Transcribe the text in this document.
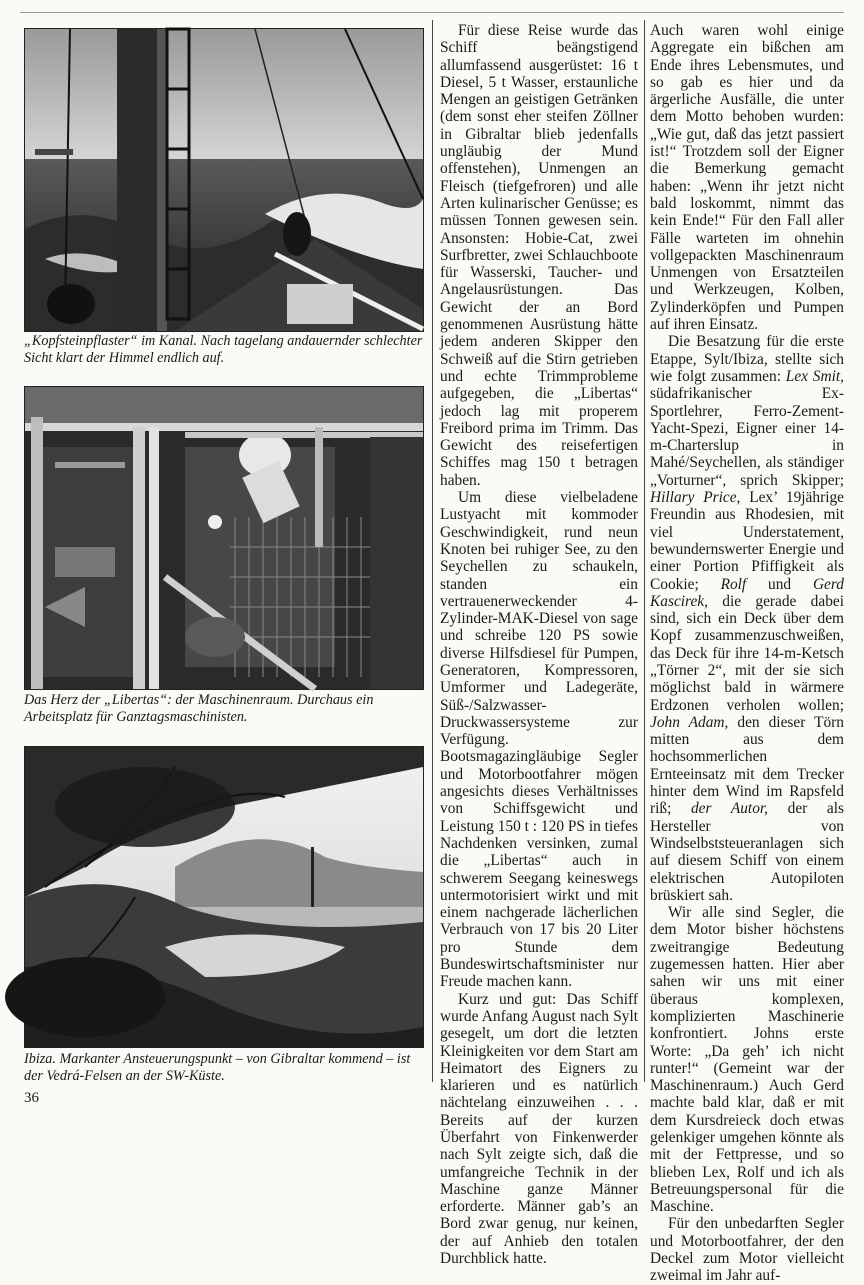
„Kopfsteinpflaster“ im Kanal. Nach tagelang andauernder schlechter Sicht klart der Himmel endlich auf.
Das Herz der „Libertas“: der Maschinenraum. Durchaus ein Arbeitsplatz für Ganztagsmaschinisten.
Ibiza. Markanter Ansteuerungspunkt – von Gibraltar kommend – ist der Vedrá-Felsen an der SW-Küste.
36

Für diese Reise wurde das Schiff beängstigend allumfassend ausgerüstet: 16 t Diesel, 5 t Wasser, erstaunliche Mengen an geistigen Getränken (dem sonst eher steifen Zöllner in Gibraltar blieb jedenfalls ungläubig der Mund offenstehen), Unmengen an Fleisch (tiefgefroren) und alle Arten kulinarischer Genüsse; es müssen Tonnen gewesen sein. Ansonsten: Hobie-Cat, zwei Surfbretter, zwei Schlauchboote für Wasserski, Taucher- und Angelausrüstungen. Das Gewicht der an Bord genommenen Ausrüstung hätte jedem anderen Skipper den Schweiß auf die Stirn getrieben und echte Trimmprobleme aufgegeben, die „Libertas“ jedoch lag mit properem Freibord prima im Trimm. Das Gewicht des reisefertigen Schiffes mag 150 t betragen haben.

Um diese vielbeladene Lustyacht mit kommoder Geschwindigkeit, rund neun Knoten bei ruhiger See, zu den Seychellen zu schaukeln, standen ein vertrauenerweckender 4-Zylinder-MAK-Diesel von sage und schreibe 120 PS sowie diverse Hilfsdiesel für Pumpen, Generatoren, Kompressoren, Umformer und Ladegeräte, Süß-/Salzwasser-Druckwassersysteme zur Verfügung. Bootsmagazingläubige Segler und Motorbootfahrer mögen angesichts dieses Verhältnisses von Schiffsgewicht und Leistung 150 t : 120 PS in tiefes Nachdenken versinken, zumal die „Libertas“ auch in schwerem Seegang keineswegs untermotorisiert wirkt und mit einem nachgerade lächerlichen Verbrauch von 17 bis 20 Liter pro Stunde dem Bundeswirtschaftsminister nur Freude machen kann.

Kurz und gut: Das Schiff wurde Anfang August nach Sylt gesegelt, um dort die letzten Kleinigkeiten vor dem Start am Heimatort des Eigners zu klarieren und es natürlich nächtelang einzuweihen . . . Bereits auf der kurzen Überfahrt von Finkenwerder nach Sylt zeigte sich, daß die umfangreiche Technik in der Maschine ganze Männer erforderte. Männer gab’s an Bord zwar genug, nur keinen, der auf Anhieb den totalen Durchblick hatte.

Auch waren wohl einige Aggregate ein bißchen am Ende ihres Lebensmutes, und so gab es hier und da ärgerliche Ausfälle, die unter dem Motto behoben wurden: „Wie gut, daß das jetzt passiert ist!“ Trotzdem soll der Eigner die Bemerkung gemacht haben: „Wenn ihr jetzt nicht bald loskommt, nimmt das kein Ende!“ Für den Fall aller Fälle warteten im ohnehin vollgepackten Maschinenraum Unmengen von Ersatzteilen und Werkzeugen, Kolben, Zylinderköpfen und Pumpen auf ihren Einsatz.

Die Besatzung für die erste Etappe, Sylt/Ibiza, stellte sich wie folgt zusammen: Lex Smit, südafrikanischer Ex-Sportlehrer, Ferro-Zement-Yacht-Spezi, Eigner einer 14-m-Charterslup in Mahé/Seychellen, als ständiger „Vorturner“, sprich Skipper; Hillary Price, Lex’ 19jährige Freundin aus Rhodesien, mit viel Understatement, bewundernswerter Energie und einer Portion Pfiffigkeit als Cookie; Rolf und Gerd Kascirek, die gerade dabei sind, sich ein Deck über dem Kopf zusammenzuschweißen, das Deck für ihre 14-m-Ketsch „Törner 2“, mit der sie sich möglichst bald in wärmere Erdzonen verholen wollen; John Adam, den dieser Törn mitten aus dem hochsommerlichen Ernteeinsatz mit dem Trecker hinter dem Wind im Rapsfeld riß; der Autor, der als Hersteller von Windselbststeueranlagen sich auf diesem Schiff von einem elektrischen Autopiloten brüskiert sah.

Wir alle sind Segler, die dem Motor bisher höchstens zweitrangige Bedeutung zugemessen hatten. Hier aber sahen wir uns mit einer überaus komplexen, komplizierten Maschinerie konfrontiert. Johns erste Worte: „Da geh’ ich nicht runter!“ (Gemeint war der Maschinenraum.) Auch Gerd machte bald klar, daß er mit dem Kursdreieck doch etwas gelenkiger umgehen könnte als mit der Fettpresse, und so blieben Lex, Rolf und ich als Betreuungspersonal für die Maschine.

Für den unbedarften Segler und Motorbootfahrer, der den Deckel zum Motor vielleicht zweimal im Jahr auf-
